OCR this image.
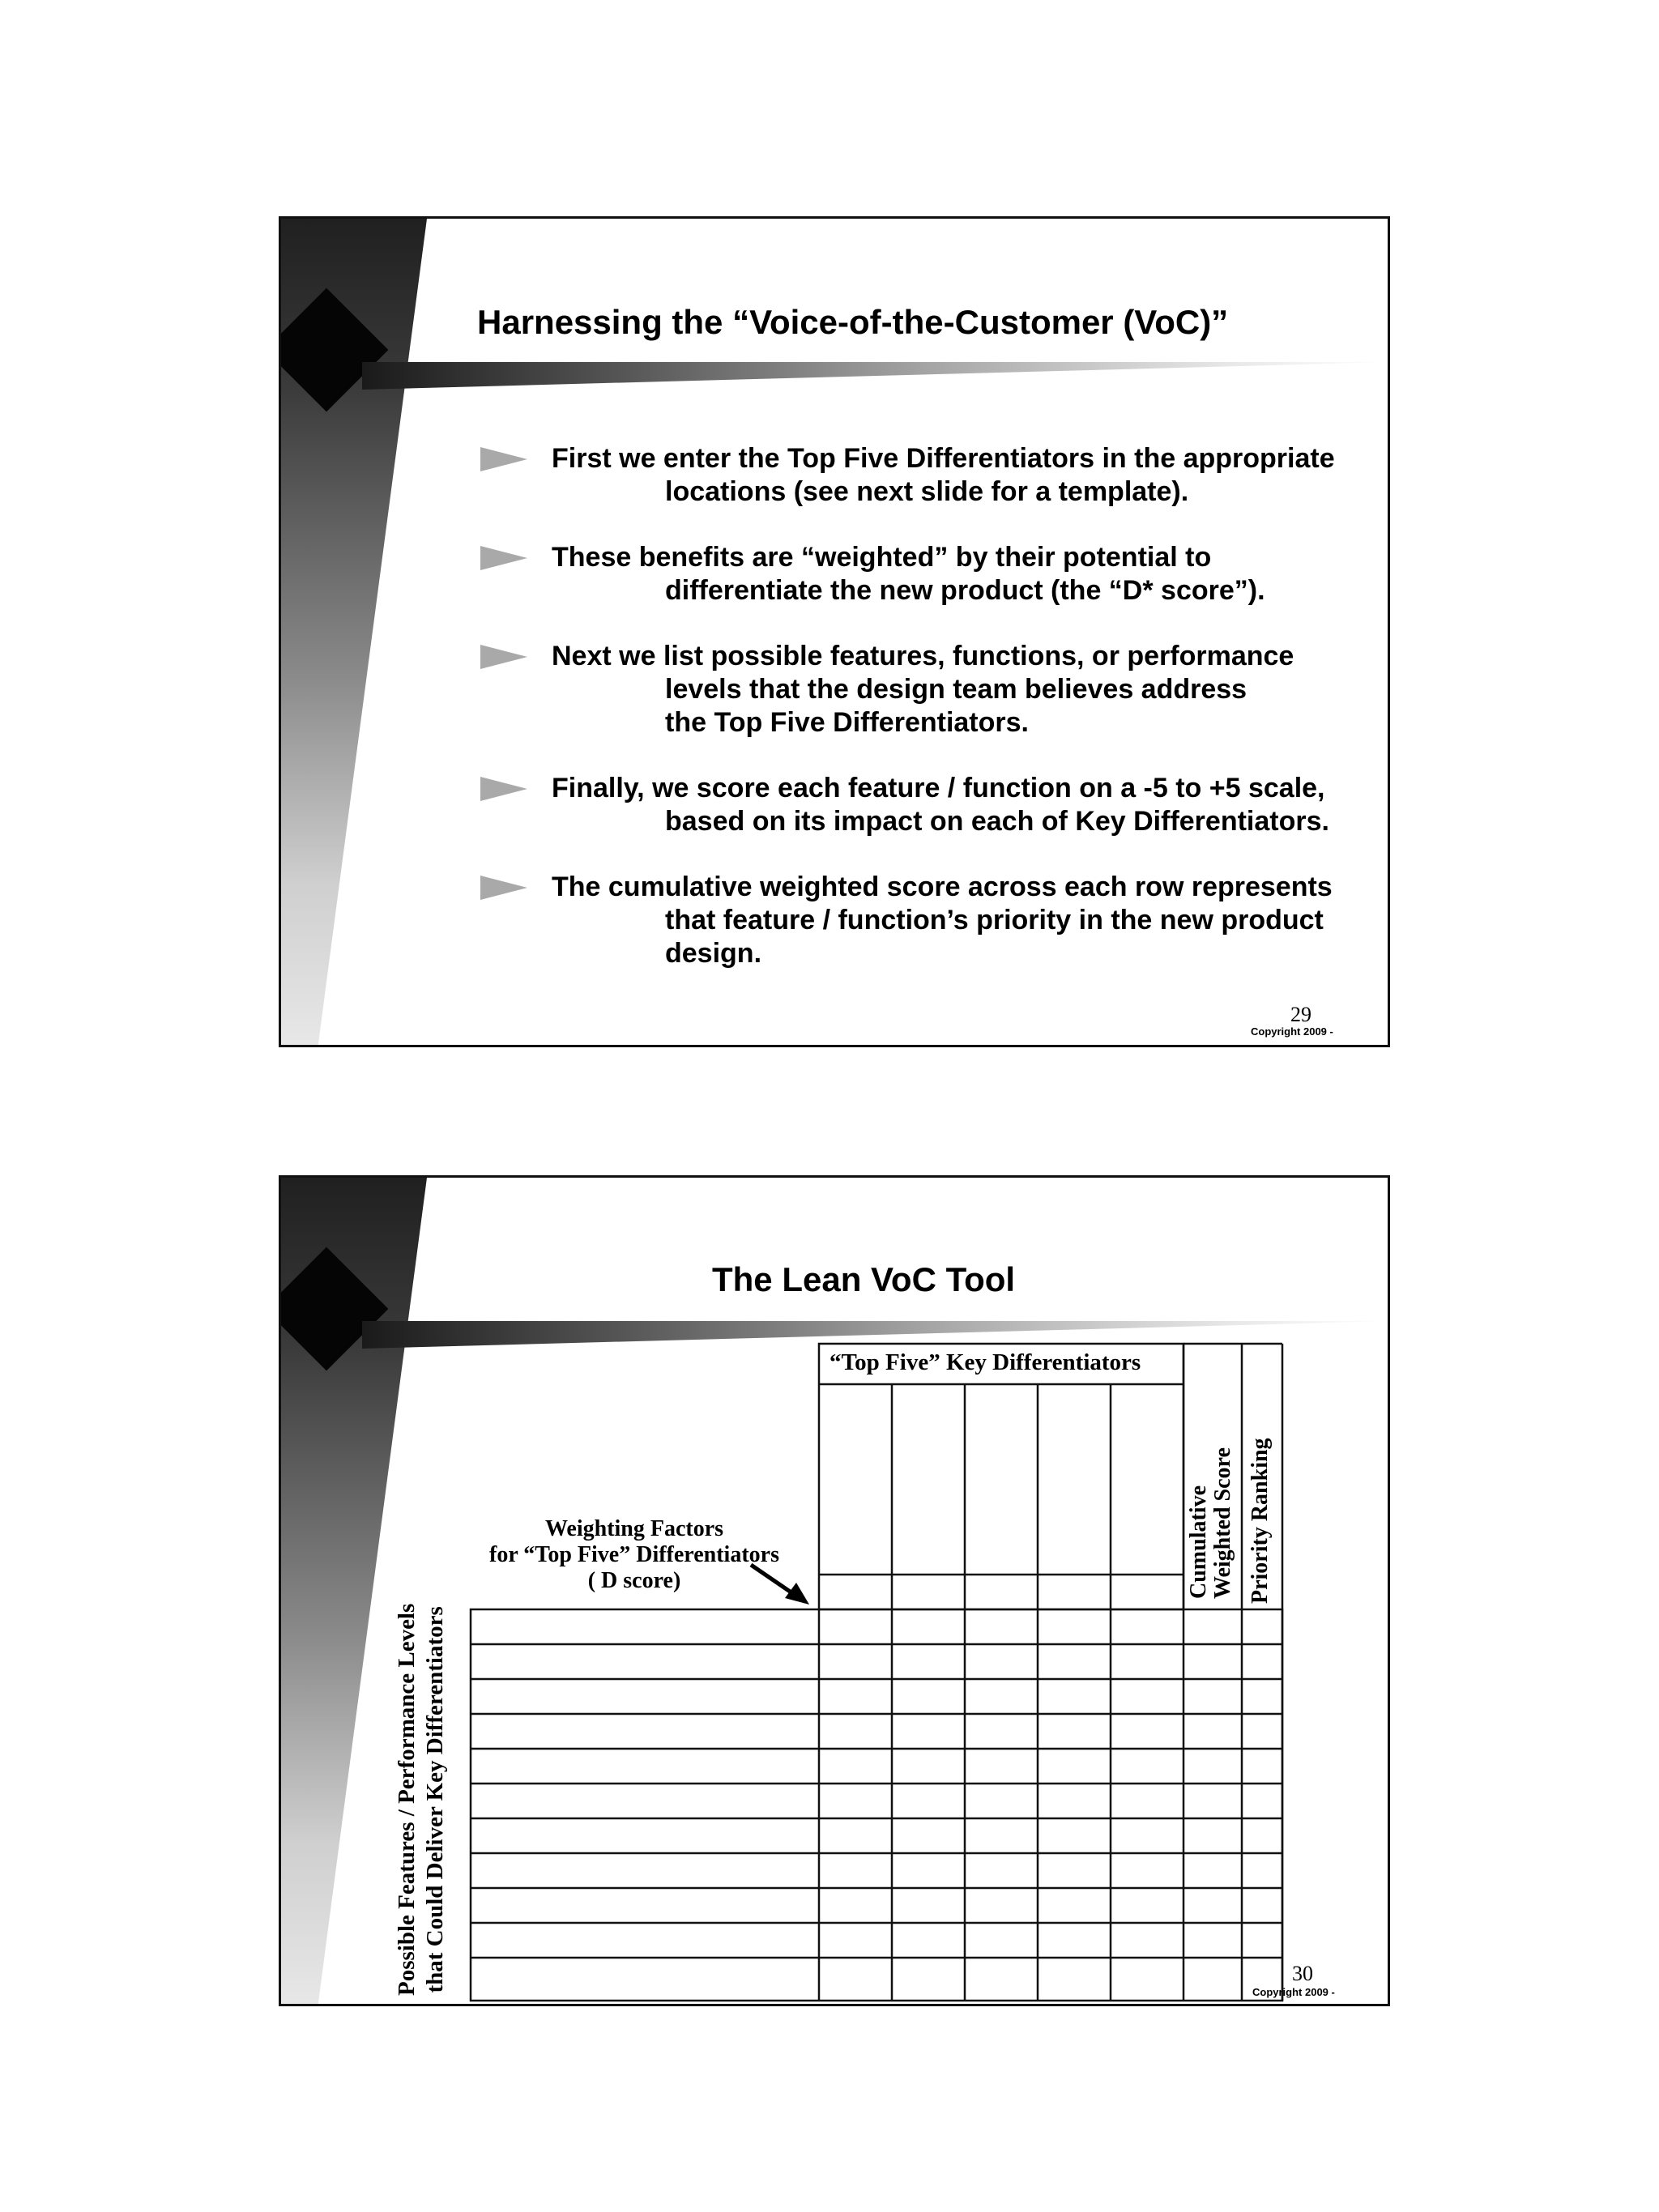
Harnessing the “Voice-of-the-Customer (VoC)”
First we enter the Top Five Differentiators in the appropriate
locations (see next slide for a template).
These benefits are “weighted” by their potential to
differentiate the new product (the “D* score”).
Next we list possible features, functions, or performance
levels that the design team believes address
the Top Five Differentiators.
Finally, we score each feature / function on a -5 to +5 scale,
based on its impact on each of Key Differentiators.
The cumulative weighted score across each row represents
that feature / function’s priority in the new product
design.
29
Copyright 2009 -
The Lean VoC Tool
“Top Five” Key Differentiators
Cumulative Weighted Score Priority Ranking
Weighting Factors
for “Top Five” Differentiators
( D score)
Possible Features / Performance Levels that Could Deliver Key Differentiators	30
Copyright 2009 -
